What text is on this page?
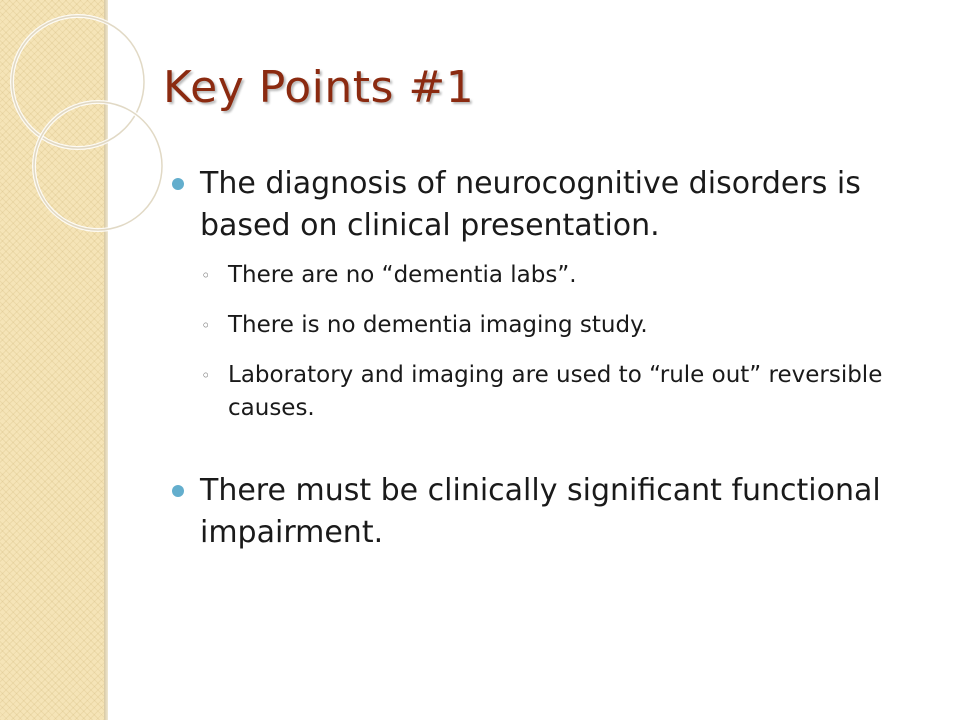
Key Points #1
The diagnosis of neurocognitive disorders is based on clinical presentation.
◦ There are no “dementia labs”.
◦ There is no dementia imaging study.
◦ Laboratory and imaging are used to “rule out” reversible causes.
There must be clinically significant functional impairment.
